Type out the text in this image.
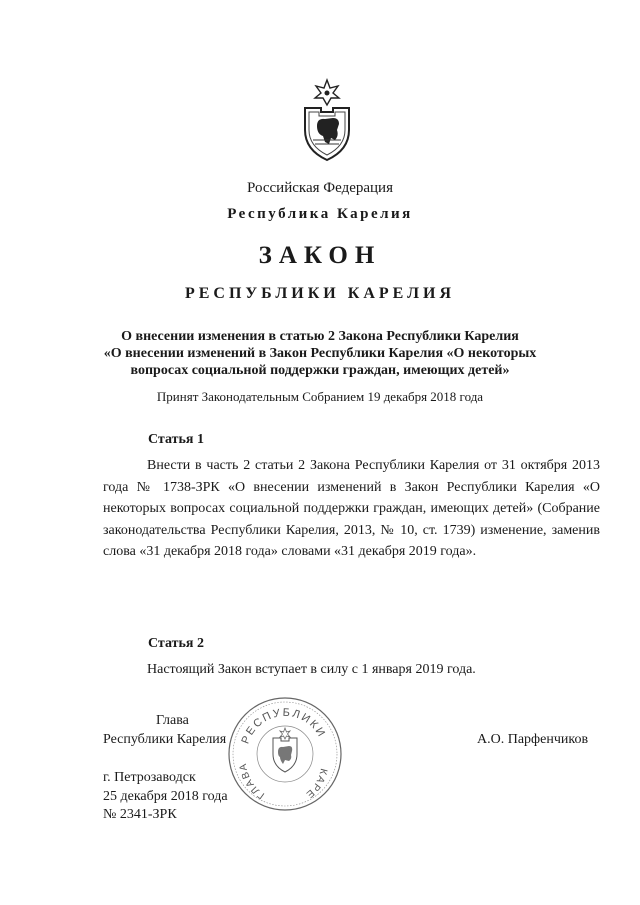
Российская Федерация
Республика Карелия
ЗАКОН
РЕСПУБЛИКИ КАРЕЛИЯ
О внесении изменения в статью 2 Закона Республики Карелия
«О внесении изменений в Закон Республики Карелия «О некоторых
вопросах социальной поддержки граждан, имеющих детей»
Принят Законодательным Собранием 19 декабря 2018 года
Статья 1
Внести в часть 2 статьи 2 Закона Республики Карелия от 31 октября 2013 года № 1738-ЗРК «О внесении изменений в Закон Республики Карелия «О некоторых вопросах социальной поддержки граждан, имеющих детей» (Собрание законодательства Республики Карелия, 2013, № 10, ст. 1739) изменение, заменив слова «31 декабря 2018 года» словами «31 декабря 2019 года».
Статья 2
Настоящий Закон вступает в силу с 1 января 2019 года.
РЕСПУБЛИКИ
ГЛАВА
КАРЕ
Глава
Республики Карелия	А.О. Парфенчиков
г. Петрозаводск
25 декабря 2018 года
№ 2341-ЗРК
